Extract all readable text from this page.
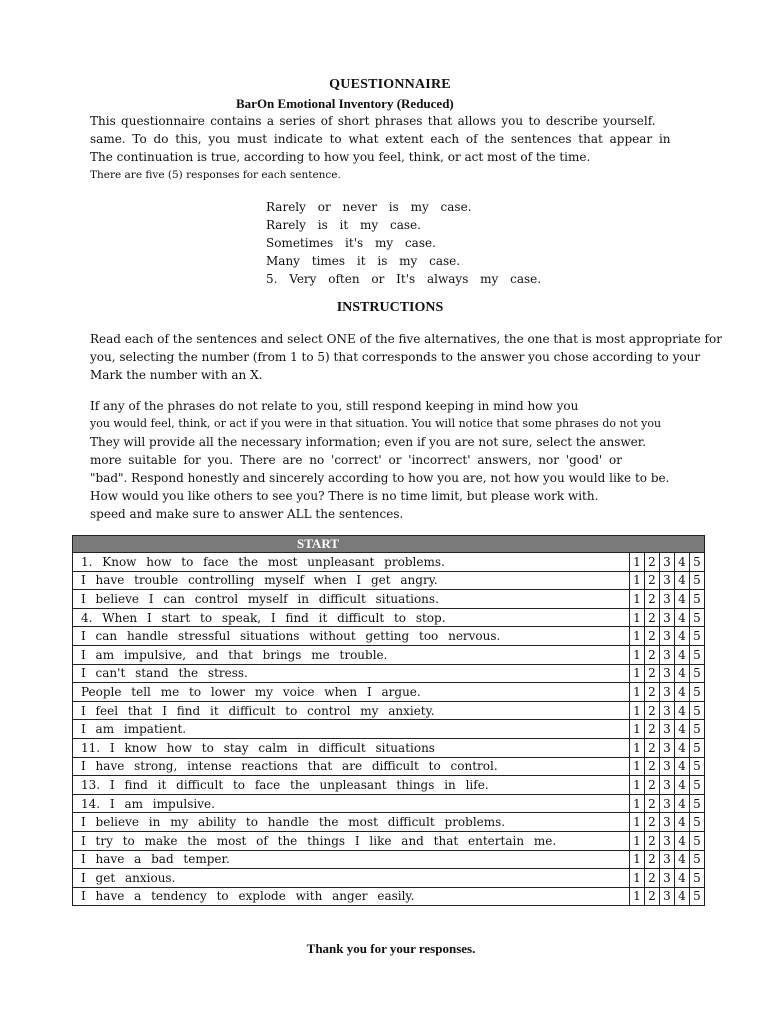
QUESTIONNAIRE
BarOn Emotional Inventory (Reduced)
This questionnaire contains a series of short phrases that allows you to describe yourself.
same. To do this, you must indicate to what extent each of the sentences that appear in
The continuation is true, according to how you feel, think, or act most of the time.
There are five (5) responses for each sentence.
Rarely or never is my case.
Rarely is it my case.
Sometimes it's my case.
Many times it is my case.
5. Very often or It's always my case.
INSTRUCTIONS
Read each of the sentences and select ONE of the five alternatives, the one that is most appropriate for
you, selecting the number (from 1 to 5) that corresponds to the answer you chose according to your
Mark the number with an X.
If any of the phrases do not relate to you, still respond keeping in mind how you
you would feel, think, or act if you were in that situation. You will notice that some phrases do not you
They will provide all the necessary information; even if you are not sure, select the answer.
more suitable for you. There are no 'correct' or 'incorrect' answers, nor 'good' or
"bad". Respond honestly and sincerely according to how you are, not how you would like to be.
How would you like others to see you? There is no time limit, but please work with.
speed and make sure to answer ALL the sentences.
START					
1. Know how to face the most unpleasant problems.	1	2	3	4	5
I have trouble controlling myself when I get angry.	1	2	3	4	5
I believe I can control myself in difficult situations.	1	2	3	4	5
4. When I start to speak, I find it difficult to stop.	1	2	3	4	5
I can handle stressful situations without getting too nervous.	1	2	3	4	5
I am impulsive, and that brings me trouble.	1	2	3	4	5
I can't stand the stress.	1	2	3	4	5
People tell me to lower my voice when I argue.	1	2	3	4	5
I feel that I find it difficult to control my anxiety.	1	2	3	4	5
I am impatient.	1	2	3	4	5
11. I know how to stay calm in difficult situations	1	2	3	4	5
I have strong, intense reactions that are difficult to control.	1	2	3	4	5
13. I find it difficult to face the unpleasant things in life.	1	2	3	4	5
14. I am impulsive.	1	2	3	4	5
I believe in my ability to handle the most difficult problems.	1	2	3	4	5
I try to make the most of the things I like and that entertain me.	1	2	3	4	5
I have a bad temper.	1	2	3	4	5
I get anxious.	1	2	3	4	5
I have a tendency to explode with anger easily.	1	2	3	4	5
Thank you for your responses.
